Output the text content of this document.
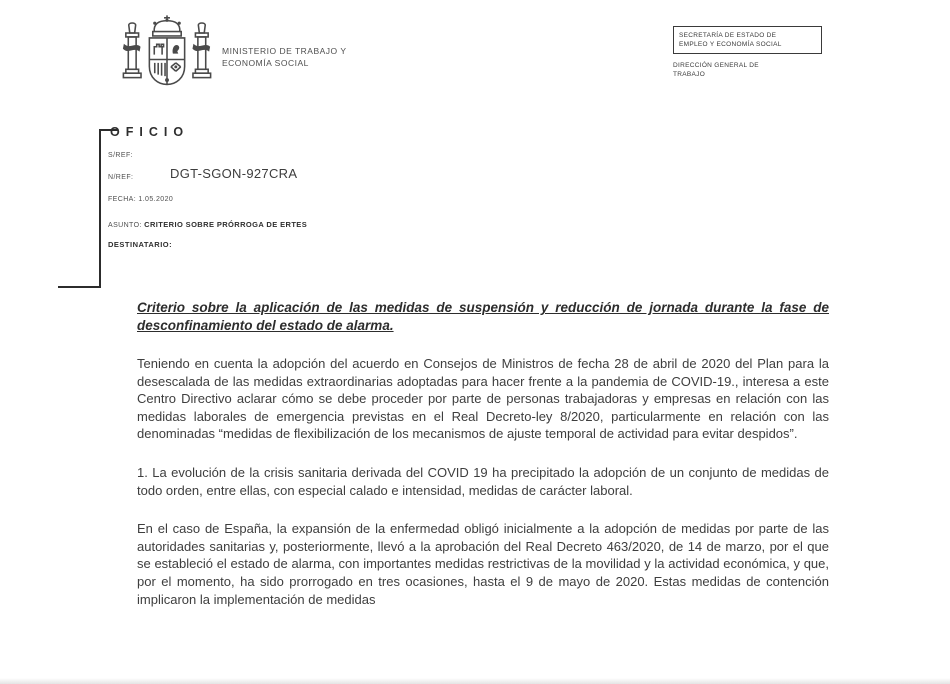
MINISTERIO DE TRABAJO Y
ECONOMÍA SOCIAL
SECRETARÍA DE ESTADO DE
EMPLEO Y ECONOMÍA SOCIAL
DIRECCIÓN GENERAL DE
TRABAJO
OFICIO
S/REF:
N/REF:	DGT-SGON-927CRA
FECHA: 1.05.2020
ASUNTO: CRITERIO SOBRE PRÓRROGA DE ERTES
DESTINATARIO:
Criterio sobre la aplicación de las medidas de suspensión y reducción de jornada durante la fase de desconfinamiento del estado de alarma.

Teniendo en cuenta la adopción del acuerdo en Consejos de Ministros de fecha 28 de abril de 2020 del Plan para la desescalada de las medidas extraordinarias adoptadas para hacer frente a la pandemia de COVID-19., interesa a este Centro Directivo aclarar cómo se debe proceder por parte de personas trabajadoras y empresas en relación con las medidas laborales de emergencia previstas en el Real Decreto-ley 8/2020, particularmente en relación con las denominadas “medidas de flexibilización de los mecanismos de ajuste temporal de actividad para evitar despidos”.

1. La evolución de la crisis sanitaria derivada del COVID 19 ha precipitado la adopción de un conjunto de medidas de todo orden, entre ellas, con especial calado e intensidad, medidas de carácter laboral.

En el caso de España, la expansión de la enfermedad obligó inicialmente a la adopción de medidas por parte de las autoridades sanitarias y, posteriormente, llevó a la aprobación del Real Decreto 463/2020, de 14 de marzo, por el que se estableció el estado de alarma, con importantes medidas restrictivas de la movilidad y la actividad económica, y que, por el momento, ha sido prorrogado en tres ocasiones, hasta el 9 de mayo de 2020. Estas medidas de contención implicaron la implementación de medidas
